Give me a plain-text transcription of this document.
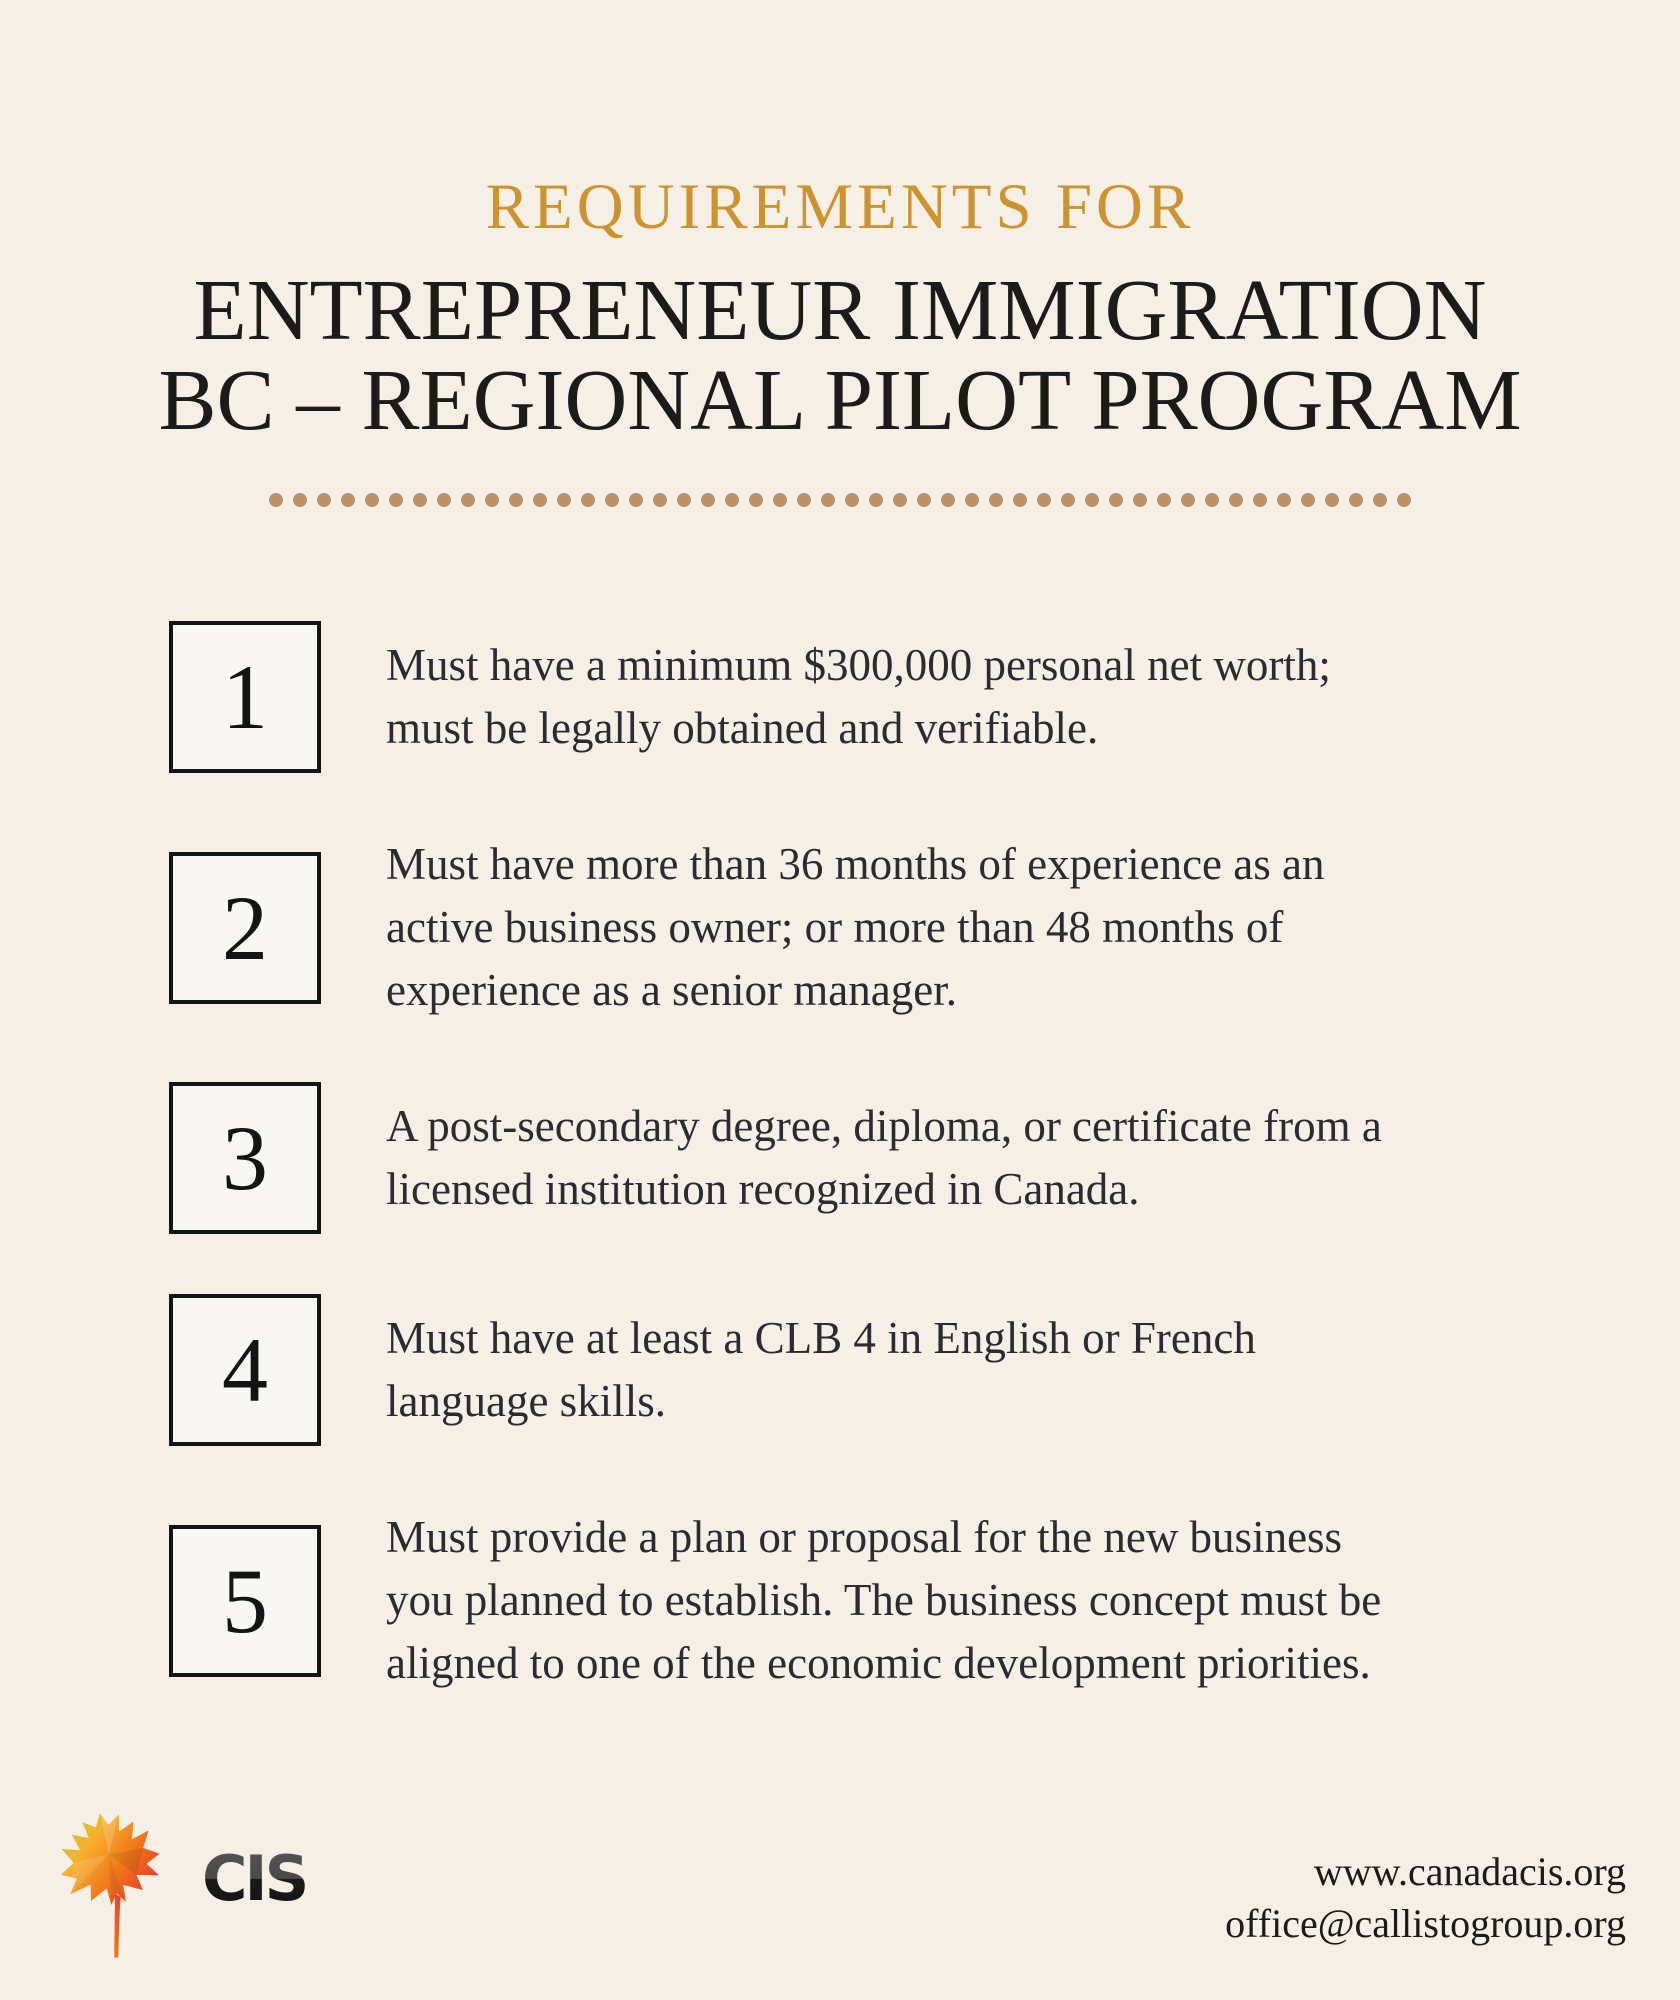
REQUIREMENTS FOR
ENTREPRENEUR IMMIGRATION
BC – REGIONAL PILOT PROGRAM
1	Must have a minimum $300,000 personal net worth; must be legally obtained and verifiable.

2

Must have more than 36 months of experience as an active business owner; or more than 48 months of experience as a senior manager.

3	A post-secondary degree, diploma, or certificate from a licensed institution recognized in Canada.

4	Must have at least a CLB 4 in English or French language skills.

5

Must provide a plan or proposal for the new business you planned to establish. The business concept must be aligned to one of the economic development priorities.

CIS	www.canadacis.org
office@callistogroup.org
